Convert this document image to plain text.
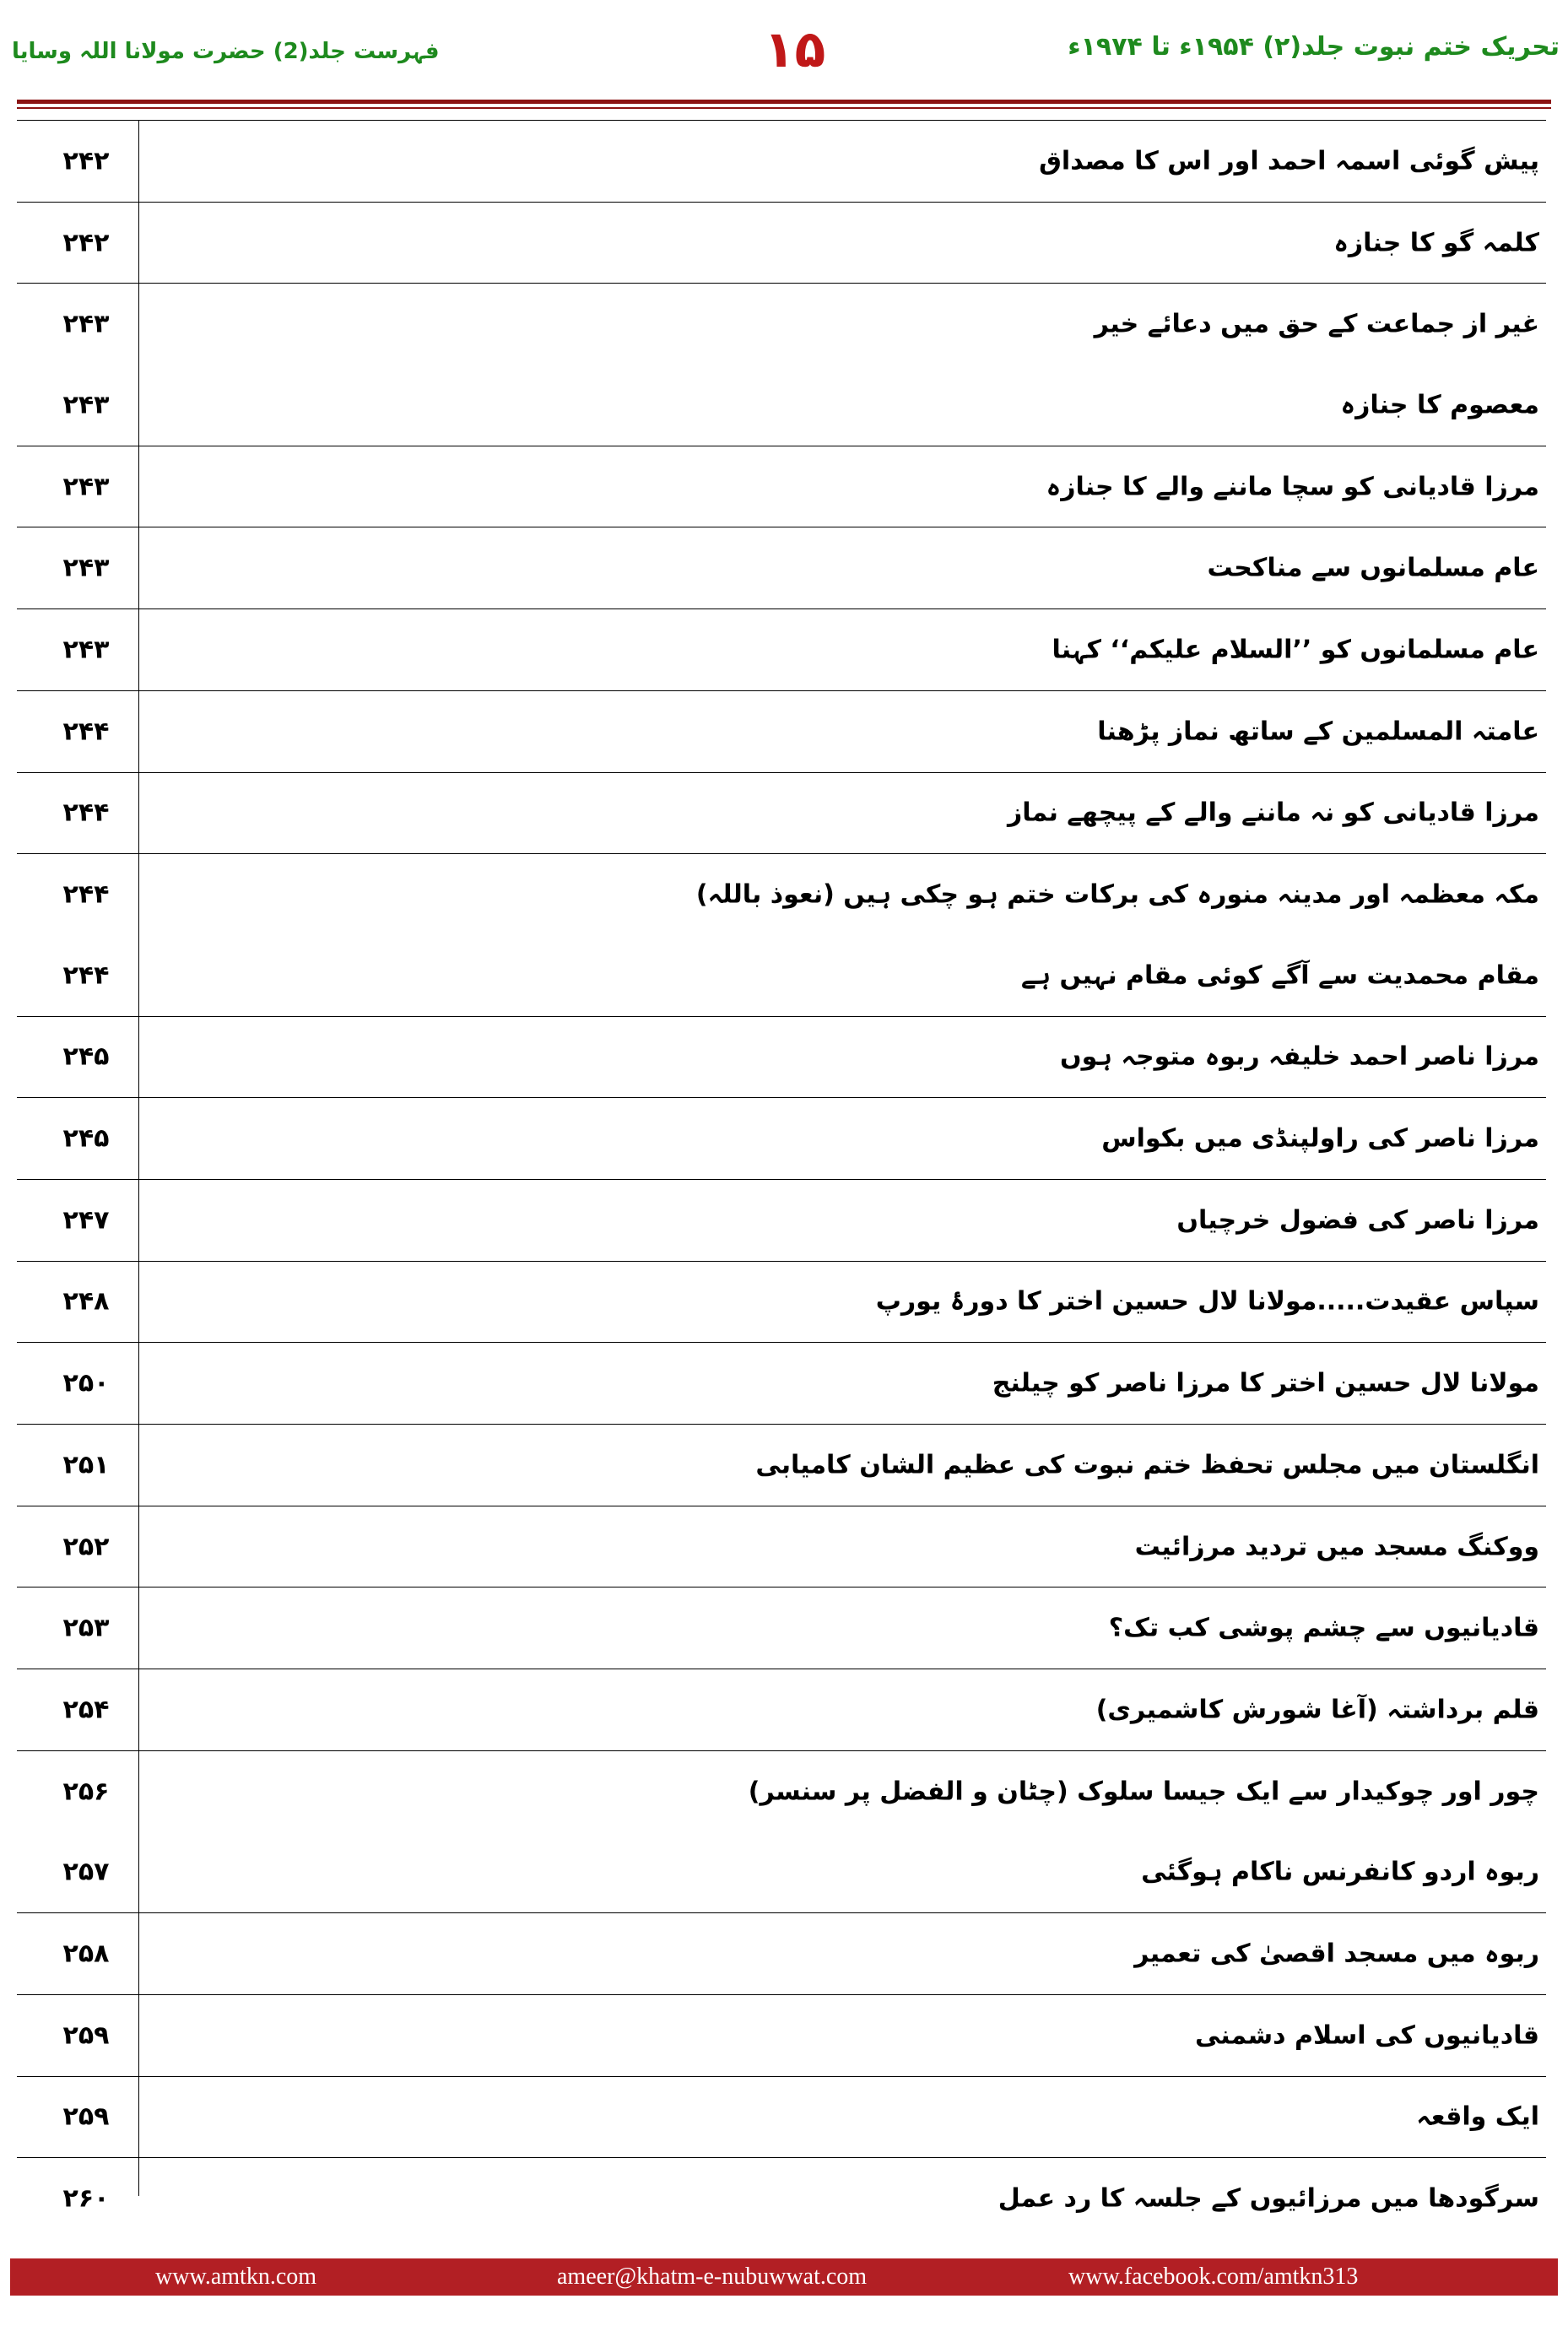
تحریک ختم نبوت جلد(۲) ۱۹۵۴ء تا ۱۹۷۴ء
۱۵
فہرست جلد(2) حضرت مولانا اللہ وسایا
پیش گوئی اسمہ احمد اور اس کا مصداق
۲۴۲
کلمہ گو کا جنازہ
۲۴۲
غیر از جماعت کے حق میں دعائے خیر
۲۴۳
معصوم کا جنازہ
۲۴۳
مرزا قادیانی کو سچا ماننے والے کا جنازہ
۲۴۳
عام مسلمانوں سے مناکحت
۲۴۳
عام مسلمانوں کو ’’السلام علیکم‘‘ کہنا
۲۴۳
عامتہ المسلمین کے ساتھ نماز پڑھنا
۲۴۴
مرزا قادیانی کو نہ ماننے والے کے پیچھے نماز
۲۴۴
مکہ معظمہ اور مدینہ منورہ کی برکات ختم ہو چکی ہیں (نعوذ باللہ)
۲۴۴
مقام محمدیت سے آگے کوئی مقام نہیں ہے
۲۴۴
مرزا ناصر احمد خلیفہ ربوہ متوجہ ہوں
۲۴۵
مرزا ناصر کی راولپنڈی میں بکواس
۲۴۵
مرزا ناصر کی فضول خرچیاں
۲۴۷
سپاس عقیدت.....مولانا لال حسین اختر کا دورۂ یورپ
۲۴۸
مولانا لال حسین اختر کا مرزا ناصر کو چیلنج
۲۵۰
انگلستان میں مجلس تحفظ ختم نبوت کی عظیم الشان کامیابی
۲۵۱
ووکنگ مسجد میں تردید مرزائیت
۲۵۲
قادیانیوں سے چشم پوشی کب تک؟
۲۵۳
قلم برداشتہ (آغا شورش کاشمیری)
۲۵۴
چور اور چوکیدار سے ایک جیسا سلوک (چٹان و الفضل پر سنسر)
۲۵۶
ربوہ اردو کانفرنس ناکام ہوگئی
۲۵۷
ربوہ میں مسجد اقصیٰ کی تعمیر
۲۵۸
قادیانیوں کی اسلام دشمنی
۲۵۹
ایک واقعہ
۲۵۹
سرگودھا میں مرزائیوں کے جلسہ کا رد عمل
۲۶۰
www.amtkn.com	ameer@khatm-e-nubuwwat.com	www.facebook.com/amtkn313
